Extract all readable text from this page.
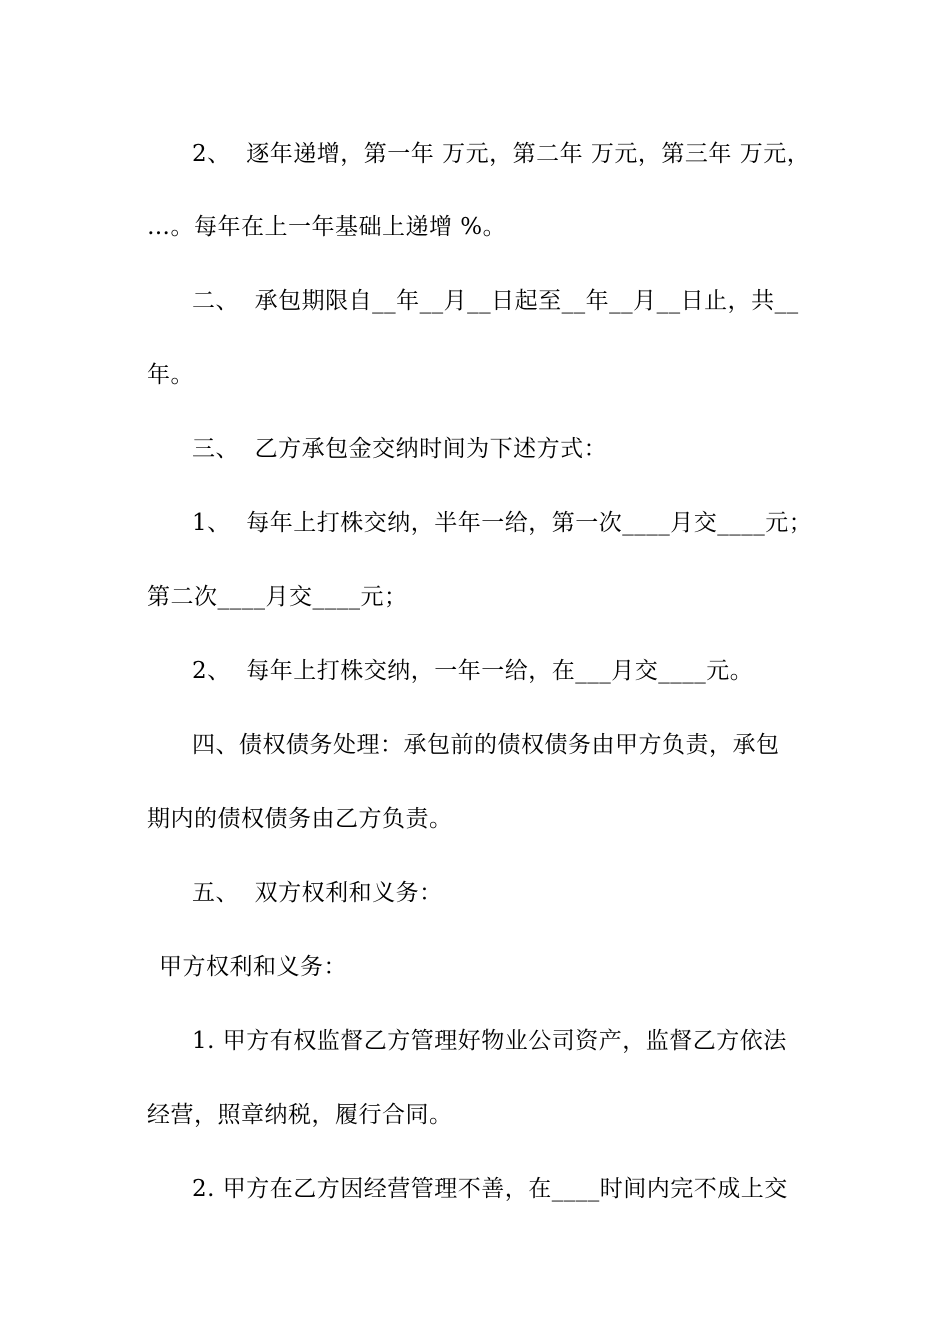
2、  逐年递增，第一年 万元，第二年 万元，第三年 万元，
…。每年在上一年基础上递增 %。
二、  承包期限自__年__月__日起至__年__月__日止，共__
年。
三、  乙方承包金交纳时间为下述方式：
1、  每年上打株交纳，半年一给，第一次____月交____元；
第二次____月交____元；
2、  每年上打株交纳，一年一给，在___月交____元。
四、债权债务处理：承包前的债权债务由甲方负责，承包
期内的债权债务由乙方负责。
五、  双方权利和义务：
甲方权利和义务：
1. 甲方有权监督乙方管理好物业公司资产，监督乙方依法
经营，照章纳税，履行合同。
2. 甲方在乙方因经营管理不善，在____时间内完不成上交
